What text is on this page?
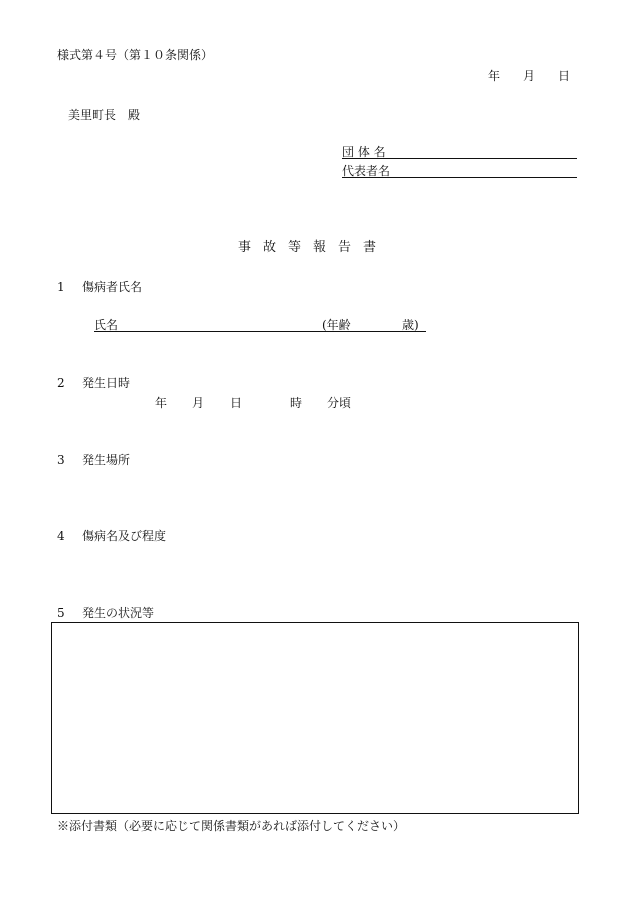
様式第４号（第１０条関係）
年 月 日
美里町長　殿
団 体 名
代表者名
事故等報告書
1 傷病者氏名
氏名	(年齢	歳)
2 発生日時
年 月 日	時 分頃
3 発生場所
4 傷病名及び程度
5 発生の状況等
※添付書類（必要に応じて関係書類があれば添付してください）
